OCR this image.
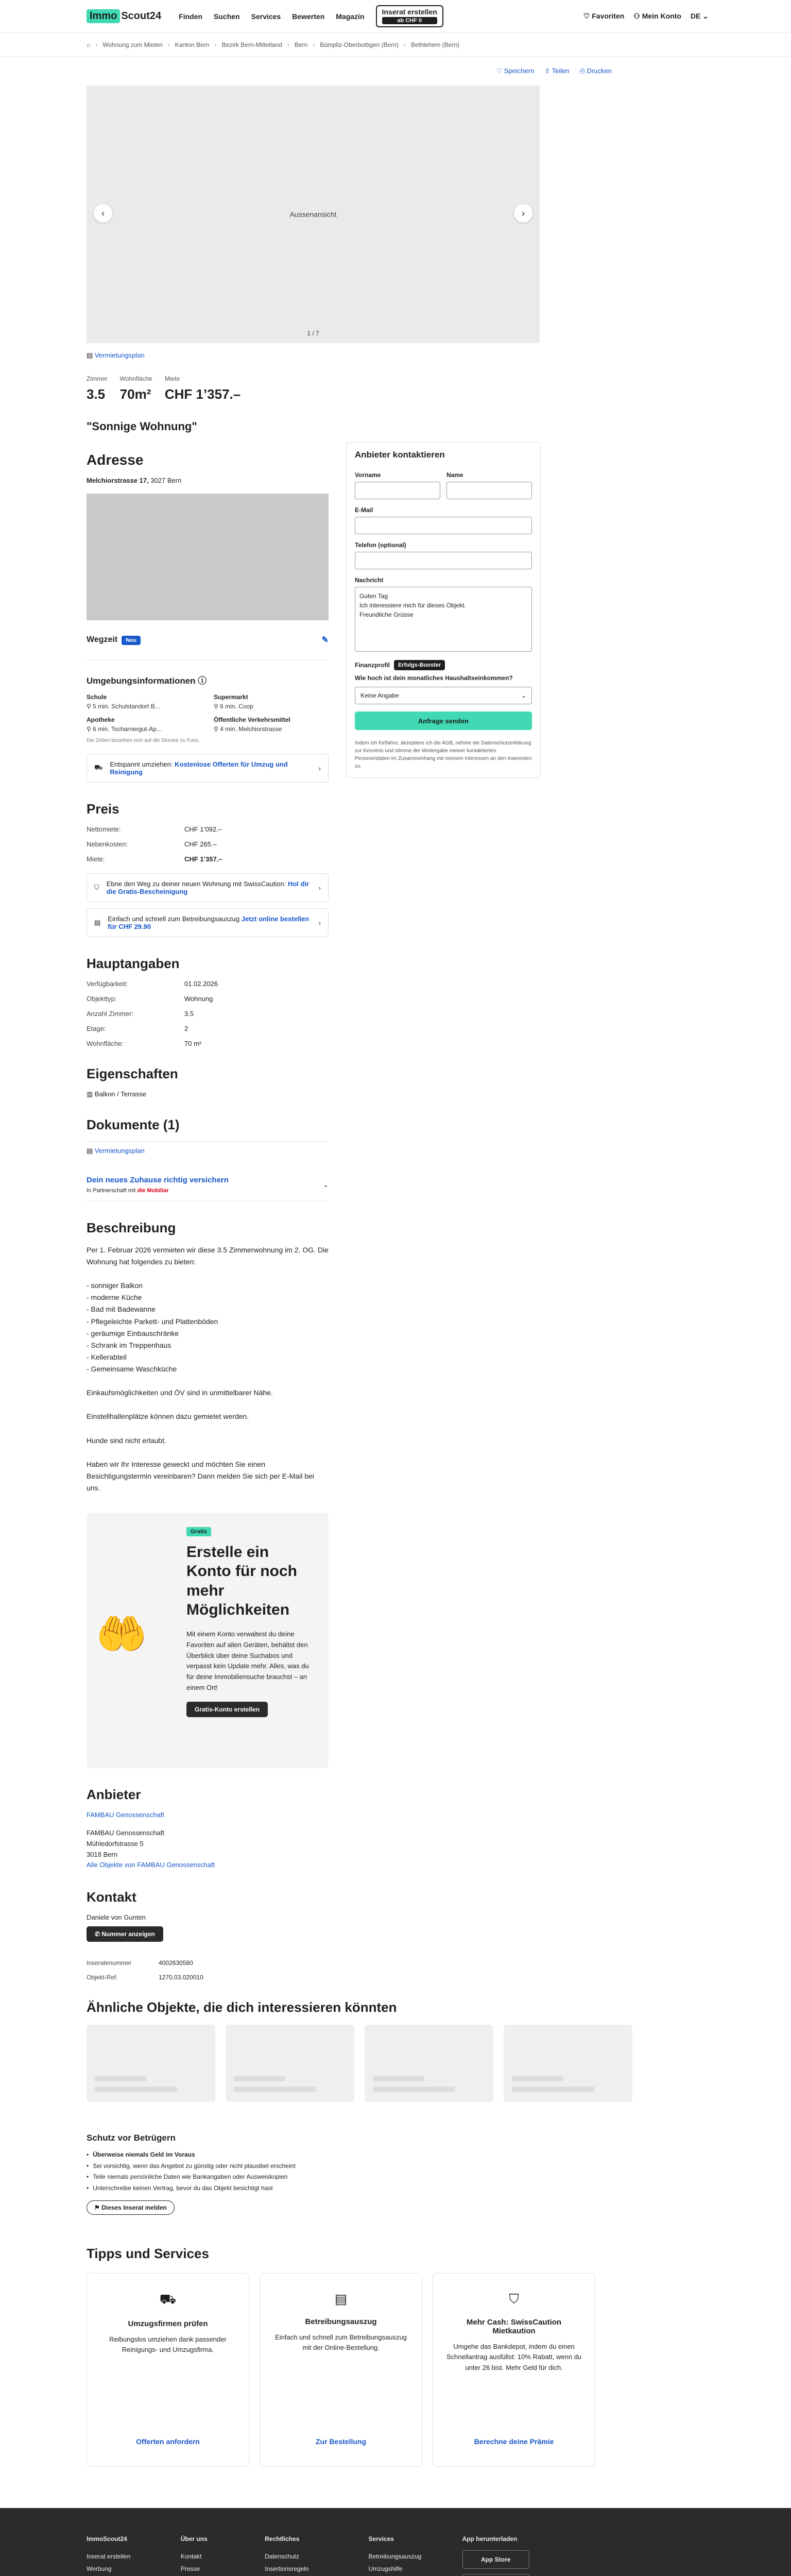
Immo Scout24 Finden Suchen Services Bewerten Magazin
Inserat erstellen
ab CHF 0
♡ Favoriten ⚇ Mein Konto DE ⌄
⌂ › Wohnung zum Mieten › Kanton Bern › Bezirk Bern-Mittelland › Bern › Bümpliz-Oberbottigen (Bern) › Bethlehem (Bern)
♡ Speichern ⇪ Teilen ⎙ Drucken
‹	Aussenansicht	›
1 / 7
▤ Vermietungsplan
Zimmer
3.5
Wohnfläche
70m²
Miete
CHF 1’357.–
"Sonnige Wohnung"
Adresse
Melchiorstrasse 17, 3027 Bern
Wegzeit Neu	✎
Umgebungsinformationen ⓘ
Schule
⚲ 5 min. Schulstandort B...
Supermarkt
⚲ 6 min. Coop
Apotheke
⚲ 6 min. Tscharnergut-Ap...
Öffentliche Verkehrsmittel
⚲ 4 min. Melchiorstrasse
Die Zeiten beziehen sich auf die Strecke zu Fuss.
⛟ Entspannt umziehen: Kostenlose Offerten für Umzug und Reinigung	›
Preis
Nettomiete:	CHF 1’092.–
Nebenkosten:	CHF 265.–
Miete:	CHF 1’357.–
⛉ Ebne den Weg zu deiner neuen Wohnung mit SwissCaution: Hol dir die Gratis-Bescheinigung	›
▤ Einfach und schnell zum Betreibungsauszug Jetzt online bestellen für CHF 29.90	›
Hauptangaben
Verfügbarkeit:	01.02.2026
Objekttyp:	Wohnung
Anzahl Zimmer:	3.5
Etage:	2
Wohnfläche:	70 m²
Eigenschaften
▥ Balkon / Terrasse
Dokumente (1)
▤ Vermietungsplan
Dein neues Zuhause richtig versichern
In Partnerschaft mit die Mobiliar
⌄
Beschreibung
Per 1. Februar 2026 vermieten wir diese 3.5 Zimmerwohnung im 2. OG. Die Wohnung hat folgendes zu bieten:

- sonniger Balkon
- moderne Küche
- Bad mit Badewanne
- Pflegeleichte Parkett- und Plattenböden
- geräumige Einbauschränke
- Schrank im Treppenhaus
- Kellerabteil
- Gemeinsame Waschküche

Einkaufsmöglichkeiten und ÖV sind in unmittelbarer Nähe.

Einstellhallenplätze können dazu gemietet werden.

Hunde sind nicht erlaubt.

Haben wir Ihr Interesse geweckt und möchten Sie einen Besichtigungstermin vereinbaren? Dann melden Sie sich per E-Mail bei uns.
🤲
Gratis
Erstelle ein Konto für noch mehr Möglichkeiten

Mit einem Konto verwaltest du deine Favoriten auf allen Geräten, behältst den Überblick über deine Suchabos und verpasst kein Update mehr. Alles, was du für deine Immobiliensuche brauchst – an einem Ort!

Gratis-Konto erstellen
Anbieter
FAMBAU Genossenschaft
FAMBAU Genossenschaft
Mühledorfstrasse 5
3018 Bern
Alle Objekte von FAMBAU Genossenschaft
Kontakt
Daniele von Gunten
✆ Nummer anzeigen
Inseratenummer	4002630580
Objekt-Ref.	1270.03.020010
Ähnliche Objekte, die dich interessieren könnten
Schutz vor Betrügern
• Überweise niemals Geld im Voraus
• Sei vorsichtig, wenn das Angebot zu günstig oder nicht plausibel erscheint
• Teile niemals persönliche Daten wie Bankangaben oder Ausweiskopien
• Unterschreibe keinen Vertrag, bevor du das Objekt besichtigt hast
⚑ Dieses Inserat melden
Tipps und Services
⛟
Umzugsfirmen prüfen
Reibungslos umziehen dank passender Reinigungs- und Umzugsfirma.
Offerten anfordern
▤
Betreibungsauszug
Einfach und schnell zum Betreibungsauszug mit der Online-Bestellung.
Zur Bestellung
⛉
Mehr Cash: SwissCaution Mietkaution
Umgehe das Bankdepot, indem du einen Schnellantrag ausfüllst: 10% Rabatt, wenn du unter 26 bist. Mehr Geld für dich.
Berechne deine Prämie
Anbieter kontaktieren
Vorname	Name
E-Mail
Telefon (optional)
Nachricht
Guten Tag
Ich interessiere mich für dieses Objekt.
Freundliche Grüsse
Finanzprofil	Erfolgs-Booster
Wie hoch ist dein monatliches Haushaltseinkommen?
Keine Angabe	⌄
Anfrage senden
Indem ich fortfahre, akzeptiere ich die AGB, nehme die Datenschutzerklärung zur Kenntnis und stimme der Weitergabe meiner kontaktierten Personendaten im Zusammenhang mit meinem Interessen an den Inserenten zu.
ImmoScout24
Inserat erstellen
Werbung
Über uns
Kontakt
Presse
Rechtliches
Datenschutz
Insertionsregeln
Services
Betreibungsauszug
Umzugshilfe
App herunterladen
App Store
